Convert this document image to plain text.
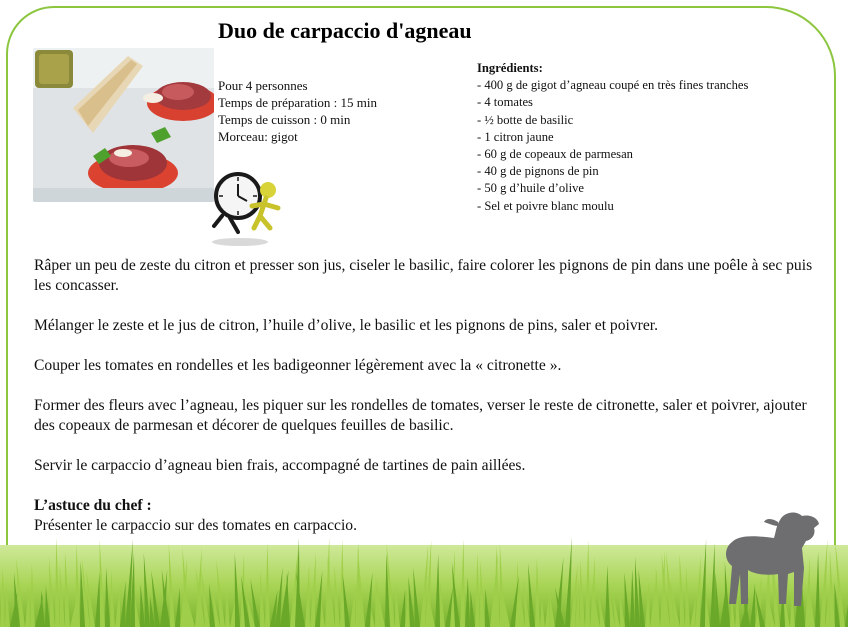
Duo de carpaccio d'agneau
Pour 4 personnes
Temps de préparation : 15 min
Temps de cuisson : 0 min
Morceau: gigot
Ingrédients:
- 400 g de gigot d’agneau coupé en très fines tranches
- 4 tomates
- ½ botte de basilic
- 1 citron jaune
- 60 g de copeaux de parmesan
- 40 g de pignons de pin
- 50 g d’huile d’olive
- Sel et poivre blanc moulu

Râper un peu de zeste du citron et presser son jus, ciseler le basilic, faire colorer les pignons de pin dans une poêle à sec puis les concasser.

Mélanger le zeste et le jus de citron, l’huile d’olive, le basilic et les pignons de pins, saler et poivrer.

Couper les tomates en rondelles et les badigeonner légèrement avec la « citronette ».

Former des fleurs avec l’agneau, les piquer sur les rondelles de tomates, verser le reste de citronette, saler et poivrer, ajouter des copeaux de parmesan et décorer de quelques feuilles de basilic.

Servir le carpaccio d’agneau bien frais, accompagné de tartines de pain aillées.

L’astuce du chef :
Présenter le carpaccio sur des tomates en carpaccio.
